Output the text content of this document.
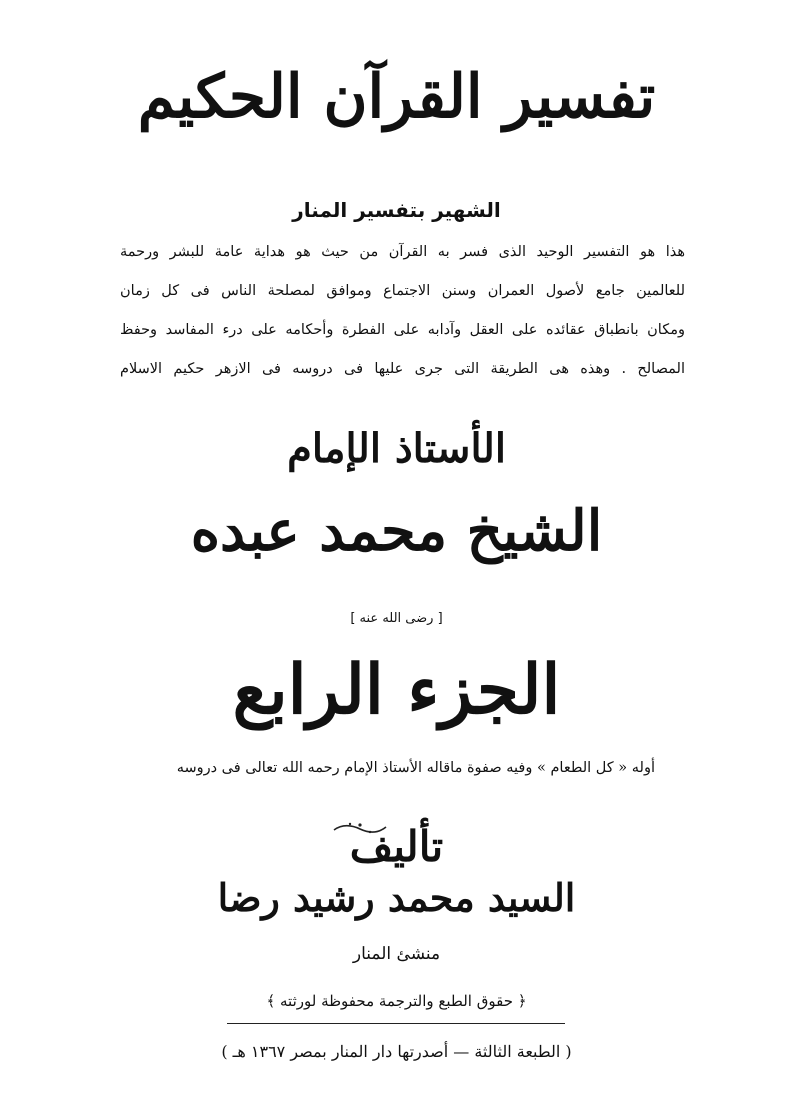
تفسير القرآن الحكيم
الشهير بتفسير المنار
هذا هو التفسير الوحيد الذى فسر به القرآن من حيث هو هداية عامة للبشر ورحمة
للعالمين جامع لأصول العمران وسنن الاجتماع وموافق لمصلحة الناس فى كل زمان
ومكان بانطباق عقائده على العقل وآدابه على الفطرة وأحكامه على درء المفاسد وحفظ
المصالح . وهذه هى الطريقة التى جرى عليها فى دروسه فى الازهر حكيم الاسلام
الأستاذ الإمام
الشيخ محمد عبده
[ رضى الله عنه ]
الجزء الرابع
أوله « كل الطعام » وفيه صفوة ماقاله الأستاذ الإمام رحمه الله تعالى فى دروسه
تأليف
السيد محمد رشيد رضا
منشئ المنار
﴿ حقوق الطبع والترجمة محفوظة لورثته ﴾
( الطبعة الثالثة — أصدرتها دار المنار بمصر ١٣٦٧ هـ )
